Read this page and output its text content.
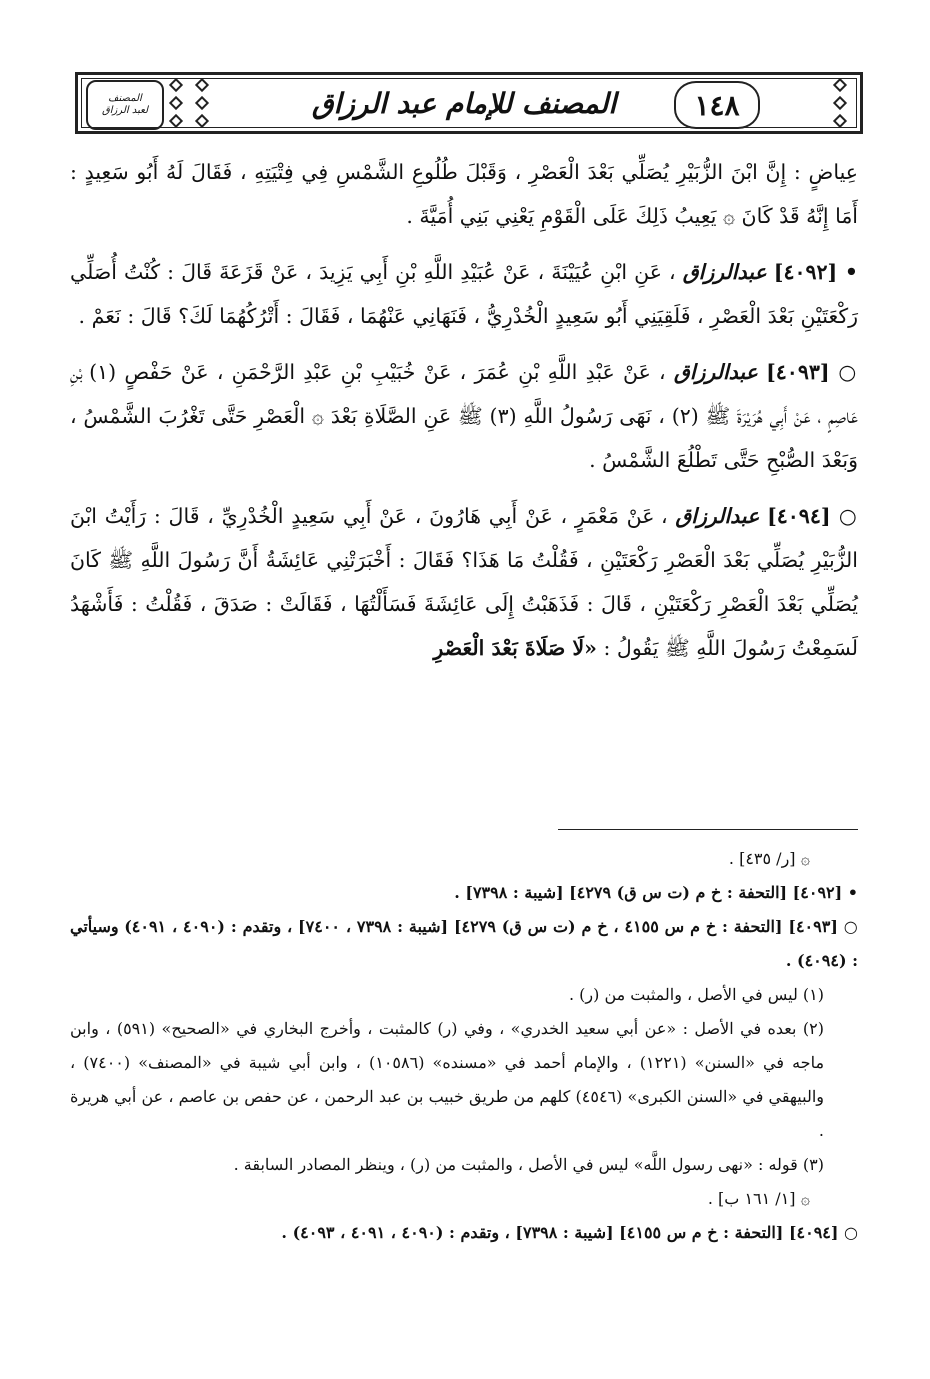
١٤٨
المصنف للإمام عبد الرزاق
المصنف
لعبد الرزاق

عِياضٍ : إِنَّ ابْنَ الزُّبَيْرِ يُصَلِّي بَعْدَ الْعَصْرِ ، وَقَبْلَ طُلُوعِ الشَّمْسِ فِي فِتْيَتِهِ ، فَقَالَ لَهُ أَبُو سَعِيدٍ : أَمَا إِنَّهُ قَدْ كَانَ ۞ يَعِيبُ ذَلِكَ عَلَى الْقَوْمِ يَعْنِي بَنِي أُمَيَّةَ .

• [٤٠٩٢] عبدالرزاق ، عَنِ ابْنِ عُيَيْنَةَ ، عَنْ عُبَيْدِ اللَّهِ بْنِ أَبِي يَزِيدَ ، عَنْ قَزَعَةَ قَالَ : كُنْتُ أُصَلِّي رَكْعَتَيْنِ بَعْدَ الْعَصْرِ ، فَلَقِيَنِي أَبُو سَعِيدٍ الْخُدْرِيُّ ، فَنَهَانِي عَنْهُمَا ، فَقَالَ : أَتْرُكُهُمَا لَكَ؟ قَالَ : نَعَمْ .

○ [٤٠٩٣] عبدالرزاق ، عَنْ عَبْدِ اللَّهِ بْنِ عُمَرَ ، عَنْ خُبَيْبِ بْنِ عَبْدِ الرَّحْمَنِ ، عَنْ حَفْصٍ (١) بْنِ عَاصِمٍ ، عَنْ أَبِي هُرَيْرَةَ ﷺ (٢) ، نَهَى رَسُولُ اللَّهِ (٣) ﷺ عَنِ الصَّلَاةِ بَعْدَ ۞ الْعَصْرِ حَتَّى تَغْرُبَ الشَّمْسُ ، وَبَعْدَ الصُّبْحِ حَتَّى تَطْلُعَ الشَّمْسُ .

○ [٤٠٩٤] عبدالرزاق ، عَنْ مَعْمَرٍ ، عَنْ أَبِي هَارُونَ ، عَنْ أَبِي سَعِيدٍ الْخُدْرِيِّ ، قَالَ : رَأَيْتُ ابْنَ الزُّبَيْرِ يُصَلِّي بَعْدَ الْعَصْرِ رَكْعَتَيْنِ ، فَقُلْتُ مَا هَذَا؟ فَقَالَ : أَخْبَرَتْنِي عَائِشَةُ أَنَّ رَسُولَ اللَّهِ ﷺ كَانَ يُصَلِّي بَعْدَ الْعَصْرِ رَكْعَتَيْنِ ، قَالَ : فَذَهَبْتُ إِلَى عَائِشَةَ فَسَأَلْتُهَا ، فَقَالَتْ : صَدَقَ ، فَقُلْتُ : فَأَشْهَدُ لَسَمِعْتُ رَسُولَ اللَّهِ ﷺ يَقُولُ : «لَا صَلَاةَ بَعْدَ الْعَصْرِ

۞ [ر/ ٤٣٥] .

• [٤٠٩٢] [التحفة : خ م (ت س ق) ٤٢٧٩] [شيبة : ٧٣٩٨] .

○ [٤٠٩٣] [التحفة : خ م س ٤١٥٥ ، خ م (ت س ق) ٤٢٧٩] [شيبة : ٧٣٩٨ ، ٧٤٠٠] ، وتقدم : (٤٠٩٠ ، ٤٠٩١) وسيأتي : (٤٠٩٤) .

(١) ليس في الأصل ، والمثبت من (ر) .

(٢) بعده في الأصل : «عن أبي سعيد الخدري» ، وفي (ر) كالمثبت ، وأخرج البخاري في «الصحيح» (٥٩١) ، وابن ماجه في «السنن» (١٢٢١) ، والإمام أحمد في «مسنده» (١٠٥٨٦) ، وابن أبي شيبة في «المصنف» (٧٤٠٠) ، والبيهقي في «السنن الكبرى» (٤٥٤٦) كلهم من طريق خبيب بن عبد الرحمن ، عن حفص بن عاصم ، عن أبي هريرة .

(٣) قوله : «نهى رسول اللَّه» ليس في الأصل ، والمثبت من (ر) ، وينظر المصادر السابقة .

۞ [١/ ١٦١ ب] .

○ [٤٠٩٤] [التحفة : خ م س ٤١٥٥] [شيبة : ٧٣٩٨] ، وتقدم : (٤٠٩٠ ، ٤٠٩١ ، ٤٠٩٣) .
